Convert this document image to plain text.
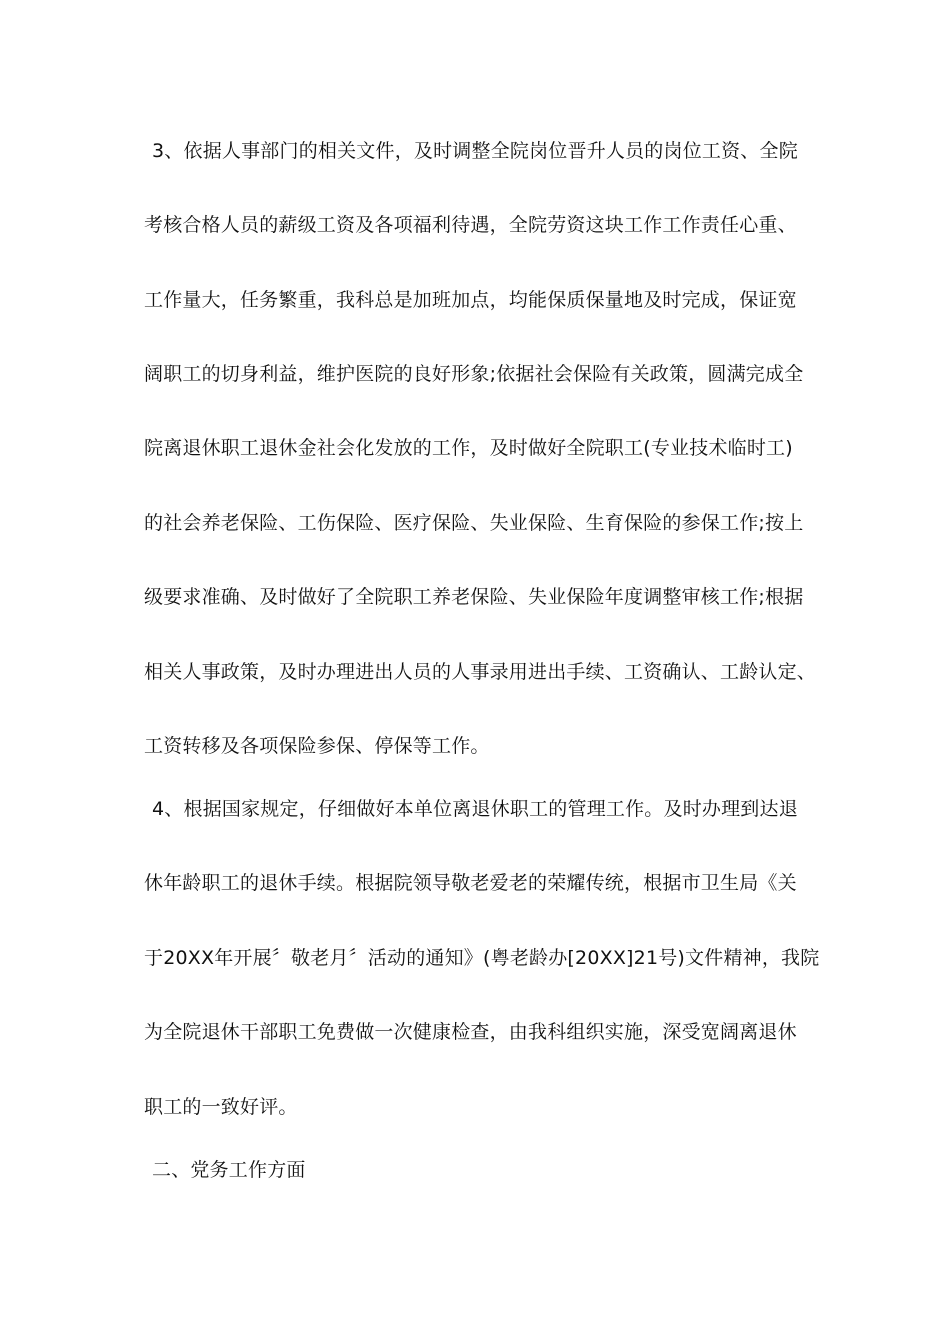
3、依据人事部门的相关文件，及时调整全院岗位晋升人员的岗位工资、全院
考核合格人员的薪级工资及各项福利待遇，全院劳资这块工作工作责任心重、
工作量大，任务繁重，我科总是加班加点，均能保质保量地及时完成，保证宽
阔职工的切身利益，维护医院的良好形象;依据社会保险有关政策，圆满完成全
院离退休职工退休金社会化发放的工作，及时做好全院职工(专业技术临时工)
的社会养老保险、工伤保险、医疗保险、失业保险、生育保险的参保工作;按上
级要求准确、及时做好了全院职工养老保险、失业保险年度调整审核工作;根据
相关人事政策，及时办理进出人员的人事录用进出手续、工资确认、工龄认定、
工资转移及各项保险参保、停保等工作。
4、根据国家规定，仔细做好本单位离退休职工的管理工作。及时办理到达退
休年龄职工的退休手续。根据院领导敬老爱老的荣耀传统，根据市卫生局《关
于20XX年开展〞敬老月〞活动的通知》(粤老龄办[20XX]21号)文件精神，我院
为全院退休干部职工免费做一次健康检查，由我科组织实施，深受宽阔离退休
职工的一致好评。
二、党务工作方面
